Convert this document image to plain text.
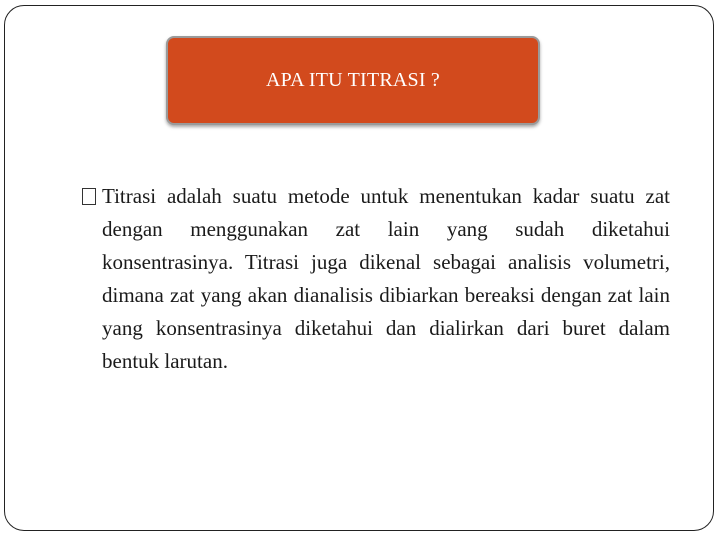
APA ITU TITRASI ?

Titrasi adalah suatu metode untuk menentukan kadar suatu zat dengan menggunakan zat lain yang sudah diketahui konsentrasinya. Titrasi juga dikenal sebagai analisis volumetri, dimana zat yang akan dianalisis dibiarkan bereaksi dengan zat lain yang konsentrasinya diketahui dan dialirkan dari buret dalam bentuk larutan.
